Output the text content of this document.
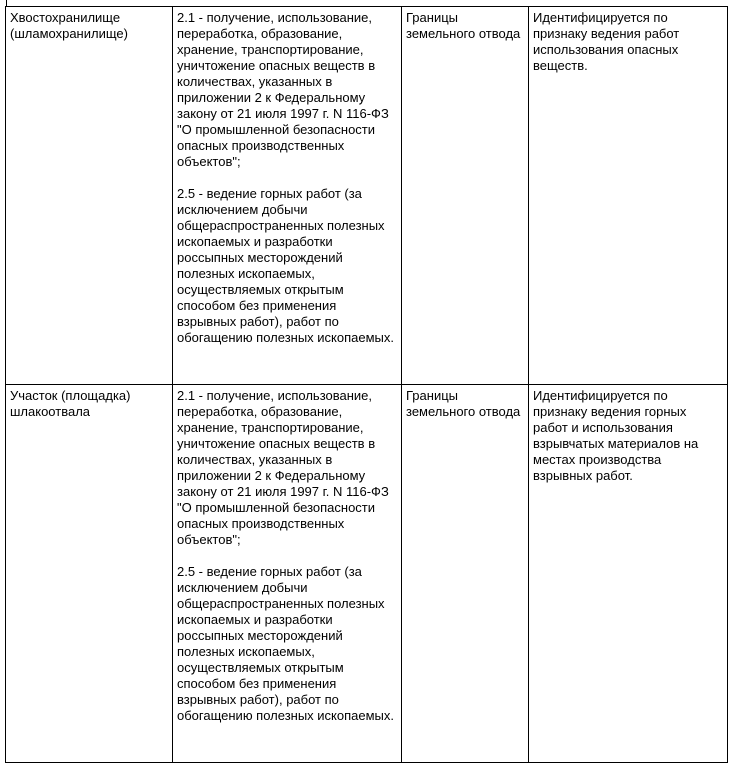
Хвостохранилище (шламохранилище)	2.1 - получение, использование, переработка, образование, хранение, транспортирование, уничтожение опасных веществ в количествах, указанных в приложении 2 к Федеральному закону от 21 июля 1997 г. N 116-ФЗ "О промышленной безопасности опасных производственных объектов";
2.5 - ведение горных работ (за исключением добычи общераспространенных полезных ископаемых и разработки россыпных месторождений полезных ископаемых, осуществляемых открытым способом без применения взрывных работ), работ по обогащению полезных ископаемых.	Границы земельного отвода	Идентифицируется по признаку ведения работ использования опасных веществ.

Участок (площадка) шлакоотвала	2.1 - получение, использование, переработка, образование, хранение, транспортирование, уничтожение опасных веществ в количествах, указанных в приложении 2 к Федеральному закону от 21 июля 1997 г. N 116-ФЗ "О промышленной безопасности опасных производственных объектов";
2.5 - ведение горных работ (за исключением добычи общераспространенных полезных ископаемых и разработки россыпных месторождений полезных ископаемых, осуществляемых открытым способом без применения взрывных работ), работ по обогащению полезных ископаемых.	Границы земельного отвода	Идентифицируется по признаку ведения горных работ и использования взрывчатых материалов на местах производства взрывных работ.
